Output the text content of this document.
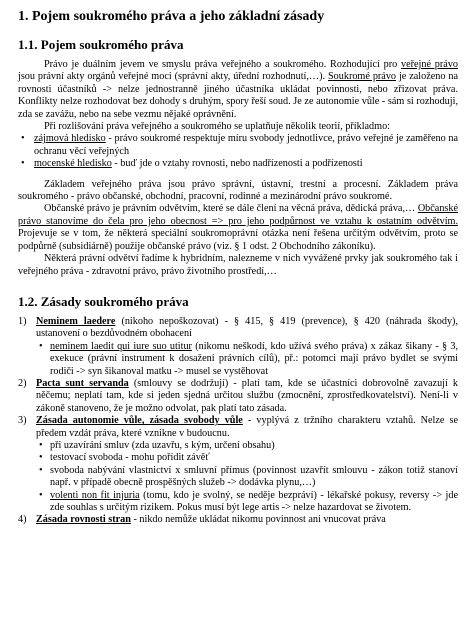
1. Pojem soukromého práva a jeho základní zásady
1.1. Pojem soukromého práva

Právo je duálním jevem ve smyslu práva veřejného a soukromého. Rozhodující pro veřejné právo jsou právní akty orgánů veřejné moci (správní akty, úřední rozhodnutí,…). Soukromé právo je založeno na rovnosti účastníků -> nelze jednostranně jiného účastníka ukládat povinnosti, nebo zřizovat práva. Konflikty nelze rozhodovat bez dohody s druhým, spory řeší soud. Je ze autonomie vůle - sám si rozhoduji, zda se zavážu, nebo na sebe vezmu nějaké oprávnění.

Při rozlišování práva veřejného a soukromého se uplatňuje několik teorií, příkladmo:

• zájmová hledisko - právo soukromé respektuje míru svobody jednotlivce, právo veřejné je zaměřeno na ochranu věcí veřejných
• mocenské hledisko - buď jde o vztahy rovnosti, nebo nadřízenosti a podřízenosti

Základem veřejného práva jsou právo správní, ústavní, trestní a procesní. Základem práva soukromého - právo občanské, obchodní, pracovní, rodinné a mezinárodní právo soukromé.

Občanské právo je právním odvětvím, které se dále člení na věcná práva, dědická práva,… Občanské právo stanovíme do čela pro jeho obecnost => pro jeho podpůrnost ve vztahu k ostatním odvětvím. Projevuje se v tom, že některá speciální soukromoprávní otázka není řešena určitým odvětvím, proto se podpůrně (subsidiárně) použije občanské právo (viz. § 1 odst. 2 Obchodního zákoníku).

Některá právní odvětví řadíme k hybridním, nalezneme v nich vyvážené prvky jak soukromého tak i veřejného práva - zdravotní právo, právo životního prostředí,…

1.2. Zásady soukromého práva
1) Neminem laedere (nikoho nepoškozovat) - § 415, § 419 (prevence), § 420 (náhrada škody), ustanovení o bezdůvodném obohacení
• neminem laedit qui iure suo utitur (nikomu neškodí, kdo užívá svého práva) x zákaz šikany - § 3, exekuce (právní instrument k dosažení právních cílů), př.: potomci mají právo bydlet se svými rodiči -> syn šikanoval matku -> musel se vystěhovat
2) Pacta sunt servanda (smlouvy se dodržují) - platí tam, kde se účastníci dobrovolně zavazují k něčemu; neplatí tam, kde si jeden sjedná určitou službu (zmocnění, zprostředkovatelství). Není-li v zákoně stanoveno, že je možno odvolat, pak platí tato zásada.
3) Zásada autonomie vůle, zásada svobody vůle - vyplývá z tržního charakteru vztahů. Nelze se předem vzdát práva, které vznikne v budoucnu.
• při uzavírání smluv (zda uzavřu, s kým, určení obsahu)
• testovací svoboda - mohu pořídit závěť
• svoboda nabývání vlastnictví x smluvní přímus (povinnost uzavřít smlouvu - zákon totiž stanoví např. v případě obecně prospěšných služeb -> dodávka plynu,…)
• volenti non fit injuria (tomu, kdo je svolný, se neděje bezpráví) - lékařské pokusy, reversy -> jde zde souhlas s určitým rizikem. Pokus musí být lege artis -> nelze hazardovat se životem.
4) Zásada rovnosti stran - nikdo nemůže ukládat nikomu povinnost ani vnucovat práva
